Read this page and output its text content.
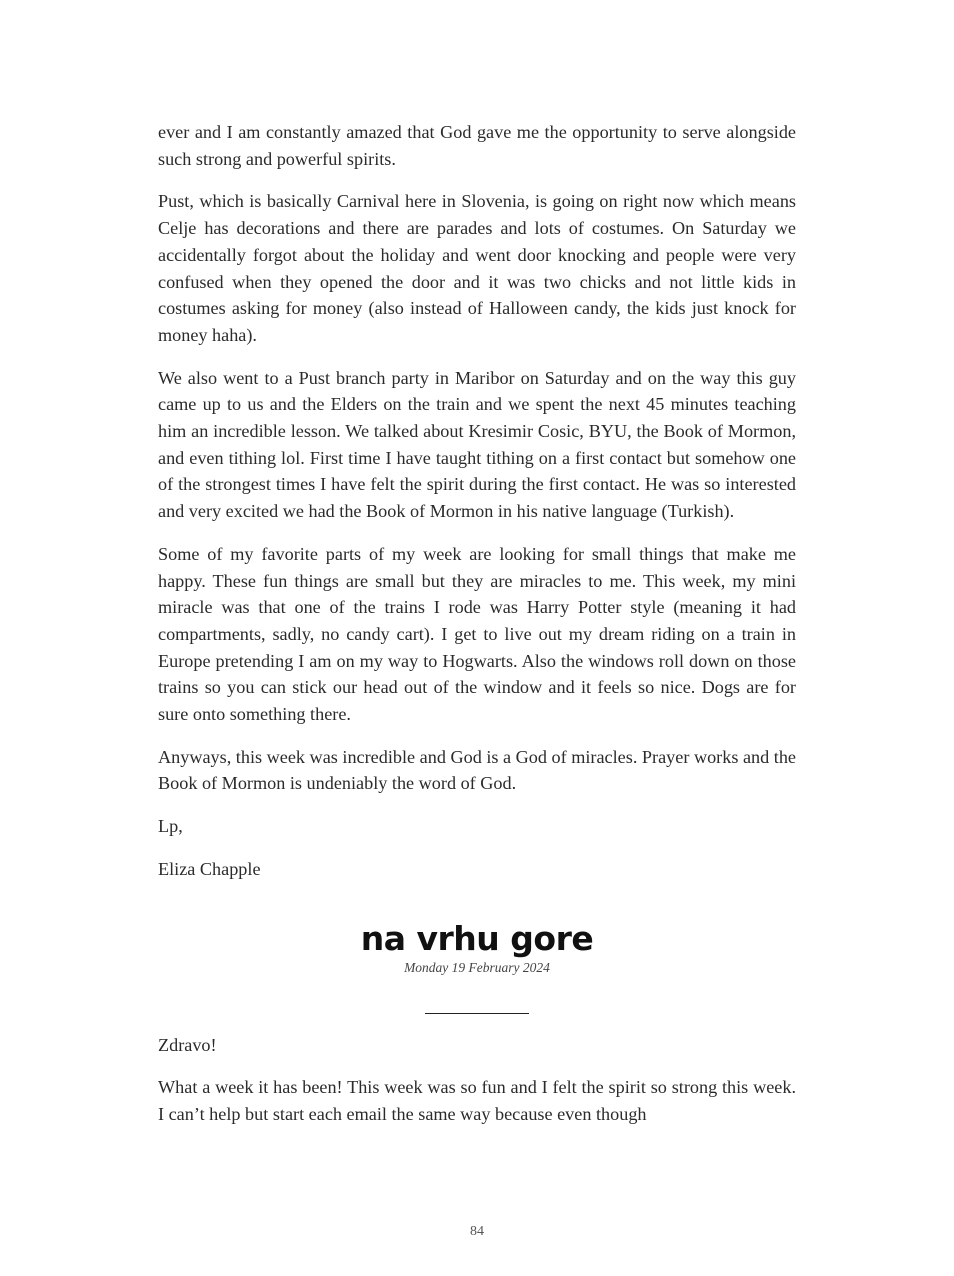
ever and I am constantly amazed that God gave me the opportunity to serve alongside such strong and powerful spirits.

Pust, which is basically Carnival here in Slovenia, is going on right now which means Celje has decorations and there are parades and lots of costumes. On Saturday we accidentally forgot about the holiday and went door knocking and people were very confused when they opened the door and it was two chicks and not little kids in costumes asking for money (also instead of Halloween candy, the kids just knock for money haha).

We also went to a Pust branch party in Maribor on Saturday and on the way this guy came up to us and the Elders on the train and we spent the next 45 minutes teaching him an incredible lesson. We talked about Kresimir Cosic, BYU, the Book of Mormon, and even tithing lol. First time I have taught tithing on a first contact but somehow one of the strongest times I have felt the spirit during the first contact. He was so interested and very excited we had the Book of Mormon in his native language (Turkish).

Some of my favorite parts of my week are looking for small things that make me happy. These fun things are small but they are miracles to me. This week, my mini miracle was that one of the trains I rode was Harry Potter style (meaning it had compartments, sadly, no candy cart). I get to live out my dream riding on a train in Europe pretending I am on my way to Hogwarts. Also the windows roll down on those trains so you can stick our head out of the window and it feels so nice. Dogs are for sure onto something there.

Anyways, this week was incredible and God is a God of miracles. Prayer works and the Book of Mormon is undeniably the word of God.

Lp,

Eliza Chapple

na vrhu gore

Monday 19 February 2024

Zdravo!

What a week it has been! This week was so fun and I felt the spirit so strong this week. I can’t help but start each email the same way because even though

84
